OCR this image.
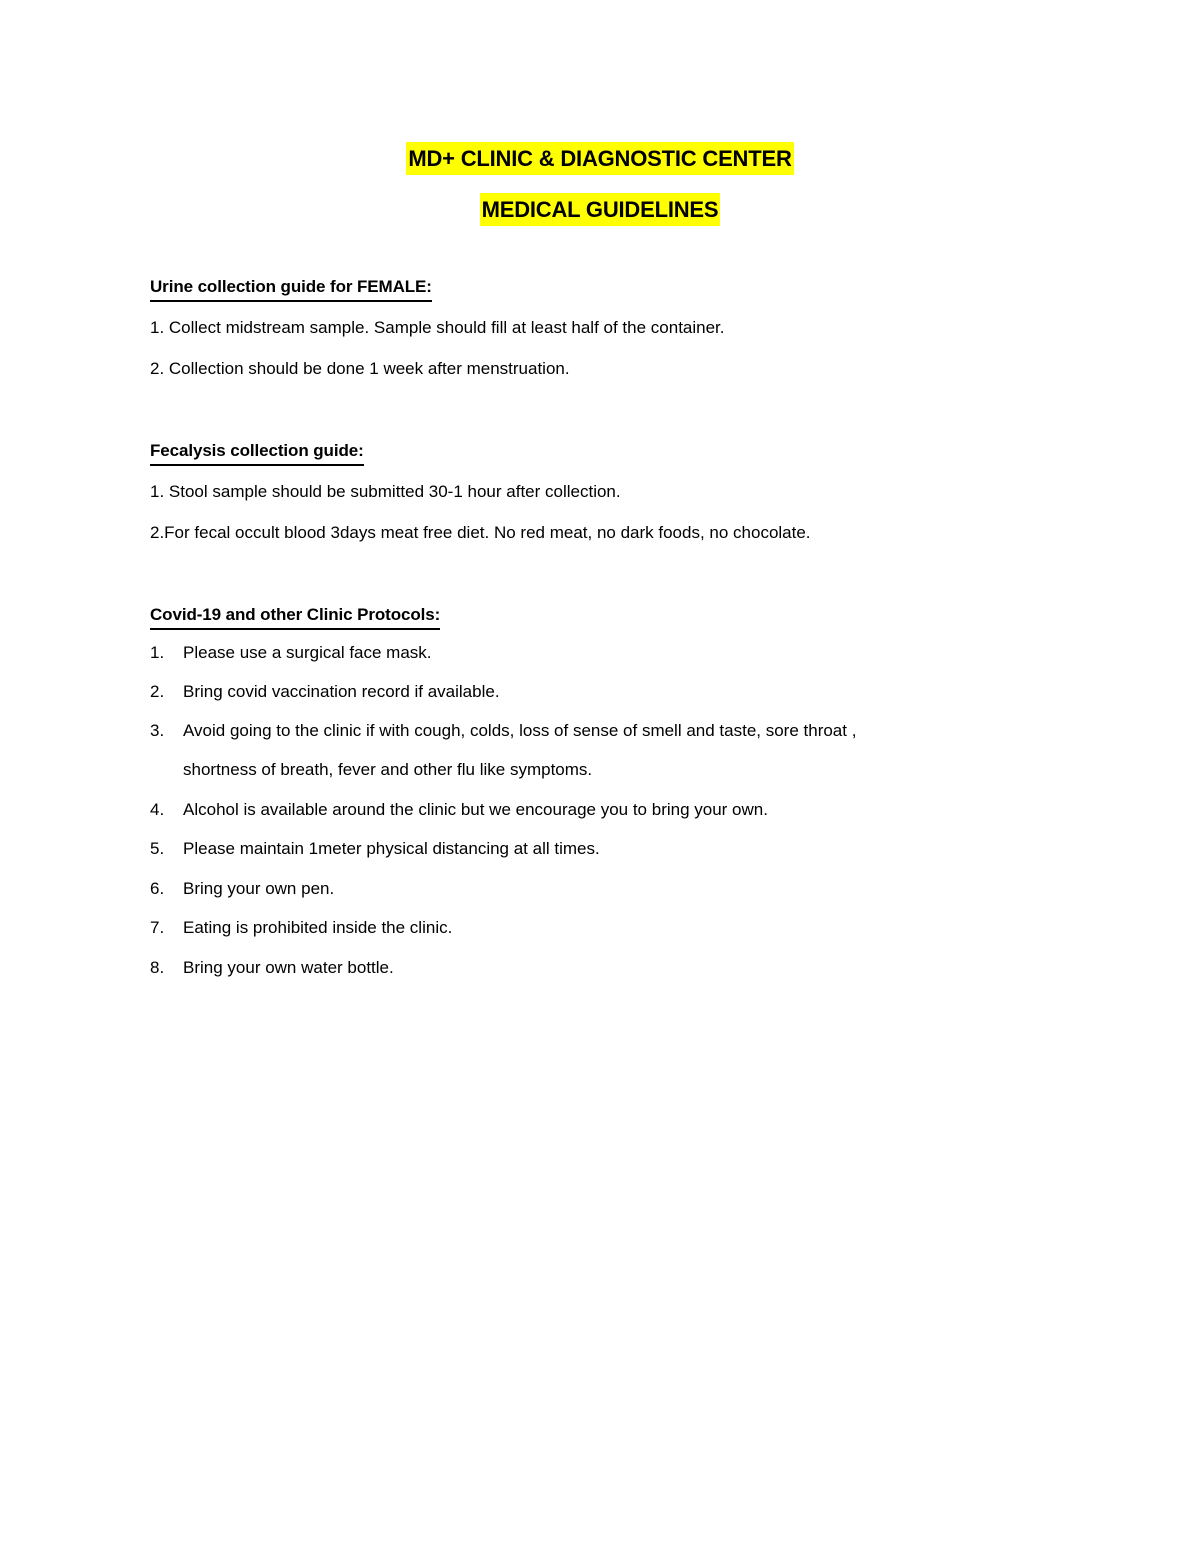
MD+ CLINIC & DIAGNOSTIC CENTER
MEDICAL GUIDELINES
Urine collection guide for FEMALE:
1. Collect midstream sample. Sample should fill at least half of the container.
2. Collection should be done 1 week after menstruation.
Fecalysis collection guide:
1. Stool sample should be submitted 30-1 hour after collection.
2.For fecal occult blood 3days meat free diet. No red meat, no dark foods, no chocolate.
Covid-19 and other Clinic Protocols:
1. Please use a surgical face mask.
2. Bring covid vaccination record if available.
3. Avoid going to the clinic if with cough, colds, loss of sense of smell and taste, sore throat ,
shortness of breath, fever and other flu like symptoms.
4. Alcohol is available around the clinic but we encourage you to bring your own.
5. Please maintain 1meter physical distancing at all times.
6. Bring your own pen.
7. Eating is prohibited inside the clinic.
8. Bring your own water bottle.
